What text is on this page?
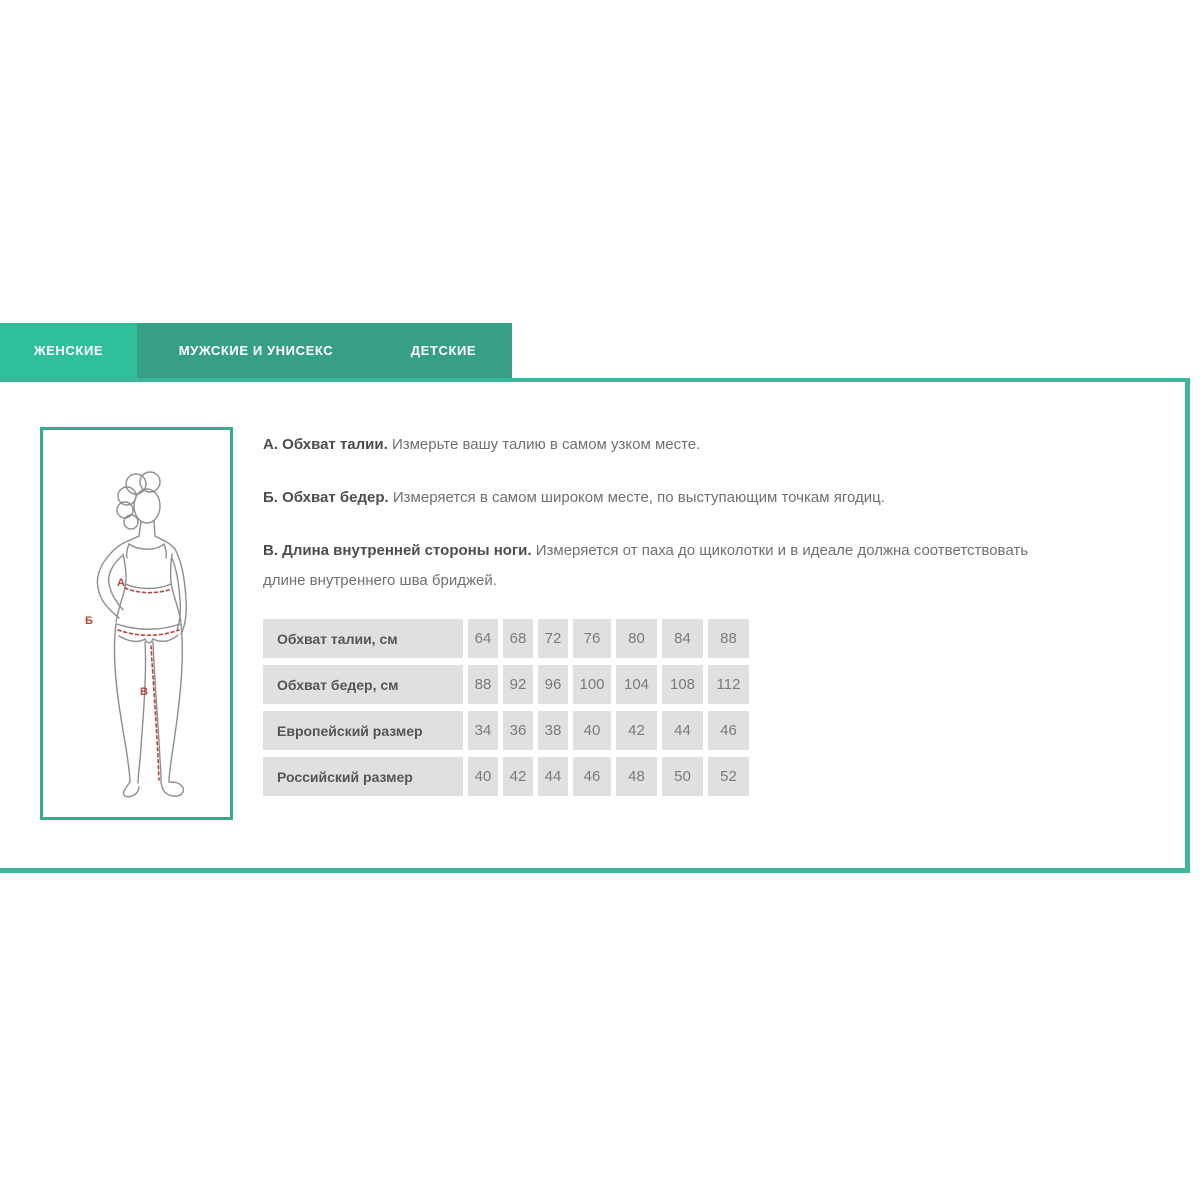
ЖЕНСКИЕ	МУЖСКИЕ И УНИСЕКС	ДЕТСКИЕ
А
Б
В

А. Обхват талии. Измерьте вашу талию в самом узком месте.

Б. Обхват бедер. Измеряется в самом широком месте, по выступающим точкам ягодиц.

В. Длина внутренней стороны ноги. Измеряется от паха до щиколотки и в идеале должна соответствовать длине внутреннего шва бриджей.

Обхват талии, см	64	68	72	76	80	84	88
Обхват бедер, см	88	92	96	100	104	108	112
Европейский размер	34	36	38	40	42	44	46
Российский размер	40	42	44	46	48	50	52
